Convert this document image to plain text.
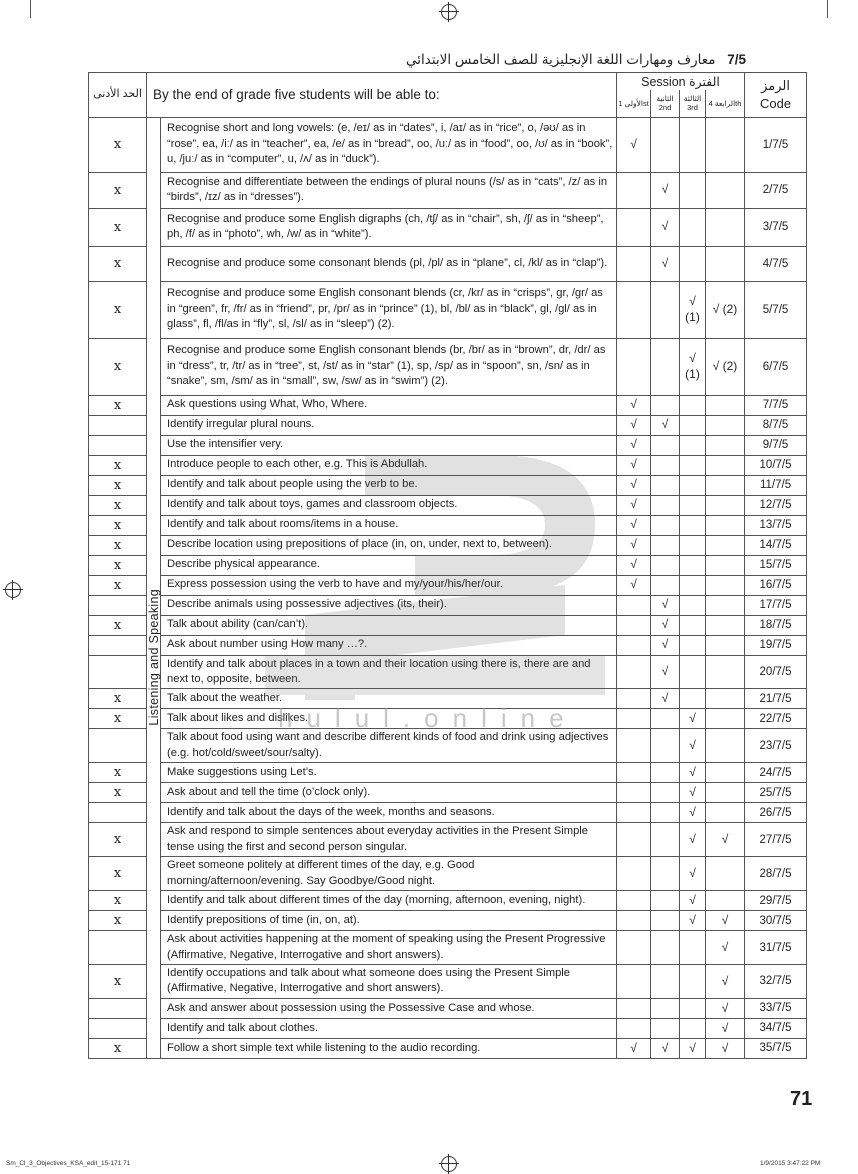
معارف ومهارات اللغة الإنجليزية للصف الخامس الابتدائي 7/5
الحد الأدنى	By the end of grade five students will be able to:		Session الفترة				الرمز
Code

			الأولى 1st	الثانية 2nd	الثالثة 3rd	الرابعة 4th	
x	Listening and Speaking	Recognise short and long vowels: (e, /eɪ/ as in “dates”, i, /aɪ/ as in “rice”, o, /əʊ/ as in “rose”, ea, /iː/ as in “teacher”, ea, /e/ as in “bread”, oo, /uː/ as in “food”, oo, /ʊ/ as in “book”, u, /juː/ as in “computer”, u, /ʌ/ as in “duck”).	√				1/7/5
x		Recognise and differentiate between the endings of plural nouns (/s/ as in “cats”, /z/ as in “birds”, /ɪz/ as in “dresses”).		√			2/7/5
x		Recognise and produce some English digraphs (ch, /tʃ/ as in “chair”, sh, /ʃ/ as in “sheep”, ph, /f/ as in “photo”, wh, /w/ as in “white”).		√			3/7/5
x		Recognise and produce some consonant blends (pl, /pl/ as in “plane”, cl, /kl/ as in “clap”).		√			4/7/5
x		Recognise and produce some English consonant blends (cr, /kr/ as in “crisps”, gr, /gr/ as in “green”, fr, /fr/ as in “friend”, pr, /pr/ as in “prince” (1), bl, /bl/ as in “black”, gl, /gl/ as in glass”, fl, /fl/as in “fly”, sl, /sl/ as in “sleep”) (2).			√ (1)	√ (2)	5/7/5
x		Recognise and produce some English consonant blends (br, /br/ as in “brown”, dr, /dr/ as in “dress”, tr, /tr/ as in “tree”, st, /st/ as in “star” (1), sp, /sp/ as in “spoon”, sn, /sn/ as in “snake”, sm, /sm/ as in “small”, sw, /sw/ as in “swim”) (2).			√ (1)	√ (2)	6/7/5
x		Ask questions using What, Who, Where.	√				7/7/5
		Identify irregular plural nouns.	√	√			8/7/5
		Use the intensifier very.	√				9/7/5
x		Introduce people to each other, e.g. This is Abdullah.	√				10/7/5
x		Identify and talk about people using the verb to be.	√				11/7/5
x		Identify and talk about toys, games and classroom objects.	√				12/7/5
x		Identify and talk about rooms/items in a house.	√				13/7/5
x		Describe location using prepositions of place (in, on, under, next to, between).	√				14/7/5
x		Describe physical appearance.	√				15/7/5
x		Express possession using the verb to have and my/your/his/her/our.	√				16/7/5
		Describe animals using possessive adjectives (its, their).		√			17/7/5
x		Talk about ability (can/can’t).		√			18/7/5
		Ask about number using How many …?.		√			19/7/5
		Identify and talk about places in a town and their location using there is, there are and next to, opposite, between.		√			20/7/5
x		Talk about the weather.		√			21/7/5
x		Talk about likes and dislikes.			√		22/7/5
		Talk about food using want and describe different kinds of food and drink using adjectives (e.g. hot/cold/sweet/sour/salty).			√		23/7/5
x		Make suggestions using Let’s.			√		24/7/5
x		Ask about and tell the time (o’clock only).			√		25/7/5
		Identify and talk about the days of the week, months and seasons.			√		26/7/5
x		Ask and respond to simple sentences about everyday activities in the Present Simple tense using the first and second person singular.			√	√	27/7/5
x		Greet someone politely at different times of the day, e.g. Good morning/afternoon/evening. Say Goodbye/Good night.			√		28/7/5
x		Identify and talk about different times of the day (morning, afternoon, evening, night).			√		29/7/5
x		Identify prepositions of time (in, on, at).			√	√	30/7/5
		Ask about activities happening at the moment of speaking using the Present Progressive (Affirmative, Negative, Interrogative and short answers).				√	31/7/5
x		Identify occupations and talk about what someone does using the Present Simple (Affirmative, Negative, Interrogative and short answers).				√	32/7/5
		Ask and answer about possession using the Possessive Case and whose.				√	33/7/5
		Identify and talk about clothes.				√	34/7/5
x		Follow a short simple text while listening to the audio recording.	√	√	√	√	35/7/5
hulul.online
71
Sm_Cl_3_Objectives_KSA_edit_15-171 71	1/9/2015 3:47:22 PM
